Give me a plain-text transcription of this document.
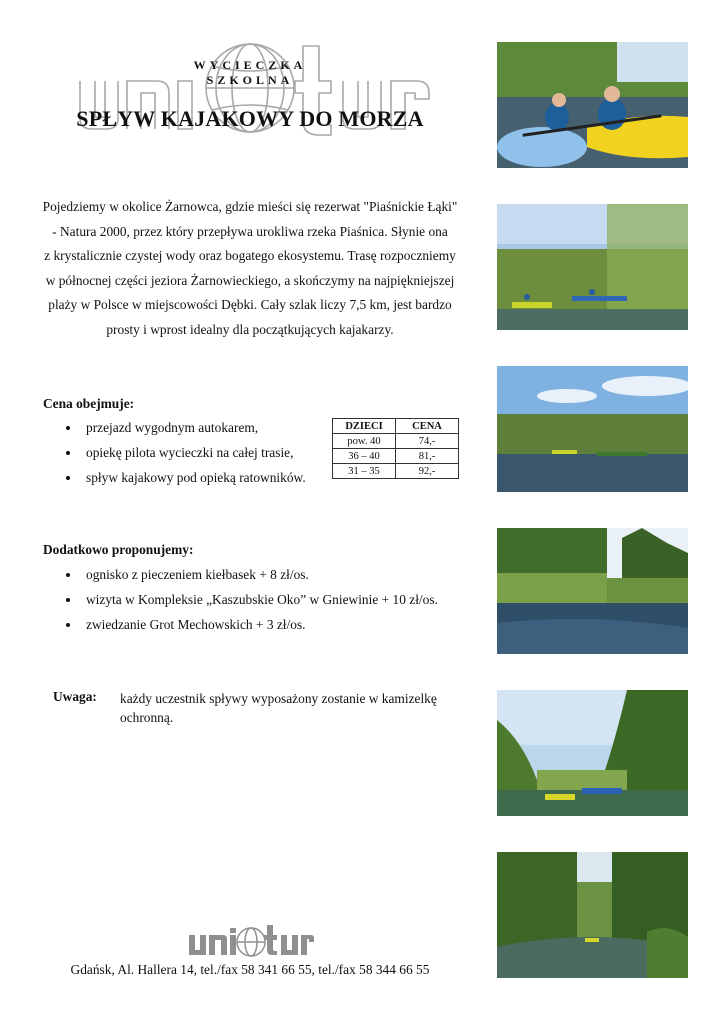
WYCIECZKA SZKOLNA
SPŁYW KAJAKOWY DO MORZA
Pojedziemy w okolice Żarnowca, gdzie mieści się rezerwat "Piaśnickie Łąki"
- Natura 2000, przez który przepływa urokliwa rzeka Piaśnica. Słynie ona
z krystalicznie czystej wody oraz bogatego ekosystemu. Trasę rozpoczniemy
w północnej części jeziora Żarnowieckiego, a skończymy na najpiękniejszej
plaży w Polsce w miejscowości Dębki. Cały szlak liczy 7,5 km, jest bardzo
prosty i wprost idealny dla początkujących kajakarzy.
Cena obejmuje:
przejazd wygodnym autokarem,
opiekę pilota wycieczki na całej trasie,
spływ kajakowy pod opieką ratowników.
DZIECI	CENA
pow. 40	74,-
36 – 40	81,-
31 – 35	92,-
Dodatkowo proponujemy:
ognisko z pieczeniem kiełbasek + 8 zł/os.
wizyta w Kompleksie „Kaszubskie Oko” w Gniewinie + 10 zł/os.
zwiedzanie Grot Mechowskich + 3 zł/os.
Uwaga: każdy uczestnik spływy wyposażony zostanie w kamizelkę ochronną.
Gdańsk, Al. Hallera 14, tel./fax 58 341 66 55, tel./fax 58 344 66 55
